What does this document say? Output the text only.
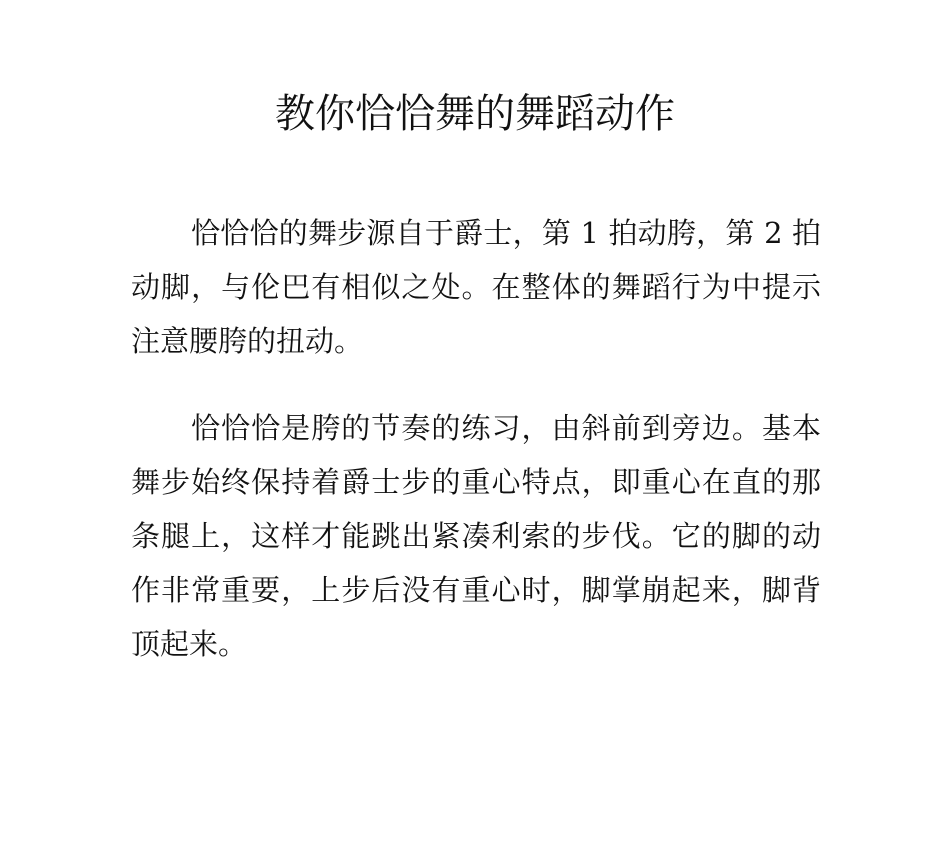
教你恰恰舞的舞蹈动作

恰恰恰的舞步源自于爵士，第 1 拍动胯，第 2 拍动脚，与伦巴有相似之处。在整体的舞蹈行为中提示注意腰胯的扭动。

恰恰恰是胯的节奏的练习，由斜前到旁边。基本舞步始终保持着爵士步的重心特点，即重心在直的那条腿上，这样才能跳出紧凑利索的步伐。它的脚的动作非常重要，上步后没有重心时，脚掌崩起来，脚背顶起来。
